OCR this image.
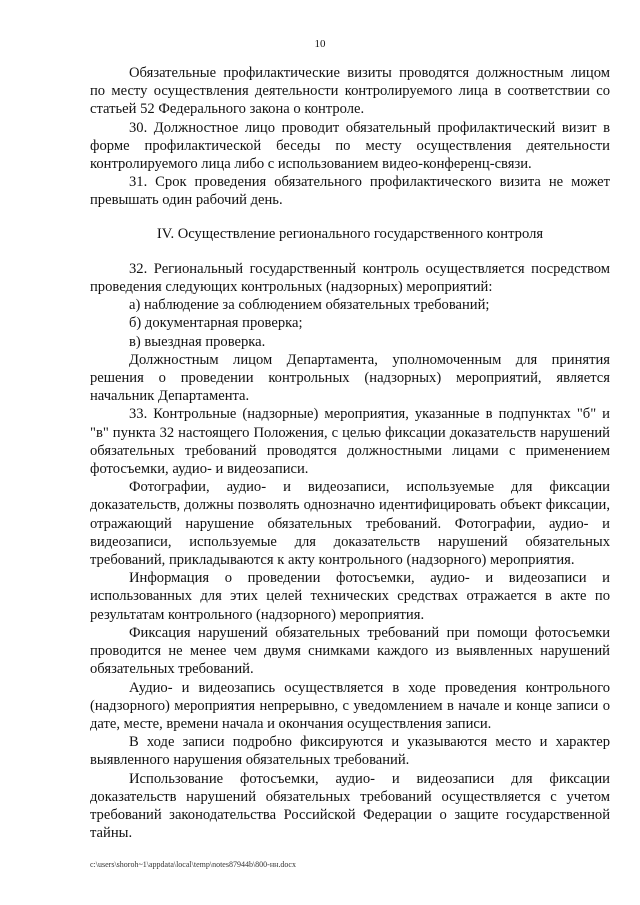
10

Обязательные профилактические визиты проводятся должностным лицом по месту осуществления деятельности контролируемого лица в соответствии со статьей 52 Федерального закона о контроле.

30. Должностное лицо проводит обязательный профилактический визит в форме профилактической беседы по месту осуществления деятельности контролируемого лица либо с использованием видео-конференц-связи.

31. Срок проведения обязательного профилактического визита не может превышать один рабочий день.

IV. Осуществление регионального государственного контроля

32. Региональный государственный контроль осуществляется посредством проведения следующих контрольных (надзорных) мероприятий:

а) наблюдение за соблюдением обязательных требований;

б) документарная проверка;

в) выездная проверка.

Должностным лицом Департамента, уполномоченным для принятия решения о проведении контрольных (надзорных) мероприятий, является начальник Департамента.

33. Контрольные (надзорные) мероприятия, указанные в подпунктах "б" и "в" пункта 32 настоящего Положения, с целью фиксации доказательств нарушений обязательных требований проводятся должностными лицами с применением фотосъемки, аудио- и видеозаписи.

Фотографии, аудио- и видеозаписи, используемые для фиксации доказательств, должны позволять однозначно идентифицировать объект фиксации, отражающий нарушение обязательных требований. Фотографии, аудио- и видеозаписи, используемые для доказательств нарушений обязательных требований, прикладываются к акту контрольного (надзорного) мероприятия.

Информация о проведении фотосъемки, аудио- и видеозаписи и использованных для этих целей технических средствах отражается в акте по результатам контрольного (надзорного) мероприятия.

Фиксация нарушений обязательных требований при помощи фотосъемки проводится не менее чем двумя снимками каждого из выявленных нарушений обязательных требований.

Аудио- и видеозапись осуществляется в ходе проведения контрольного (надзорного) мероприятия непрерывно, с уведомлением в начале и конце записи о дате, месте, времени начала и окончания осуществления записи.

В ходе записи подробно фиксируются и указываются место и характер выявленного нарушения обязательных требований.

Использование фотосъемки, аудио- и видеозаписи для фиксации доказательств нарушений обязательных требований осуществляется с учетом требований законодательства Российской Федерации о защите государственной тайны.

c:\users\shoroh~1\appdata\local\temp\notes87944b\800-нн.docx
